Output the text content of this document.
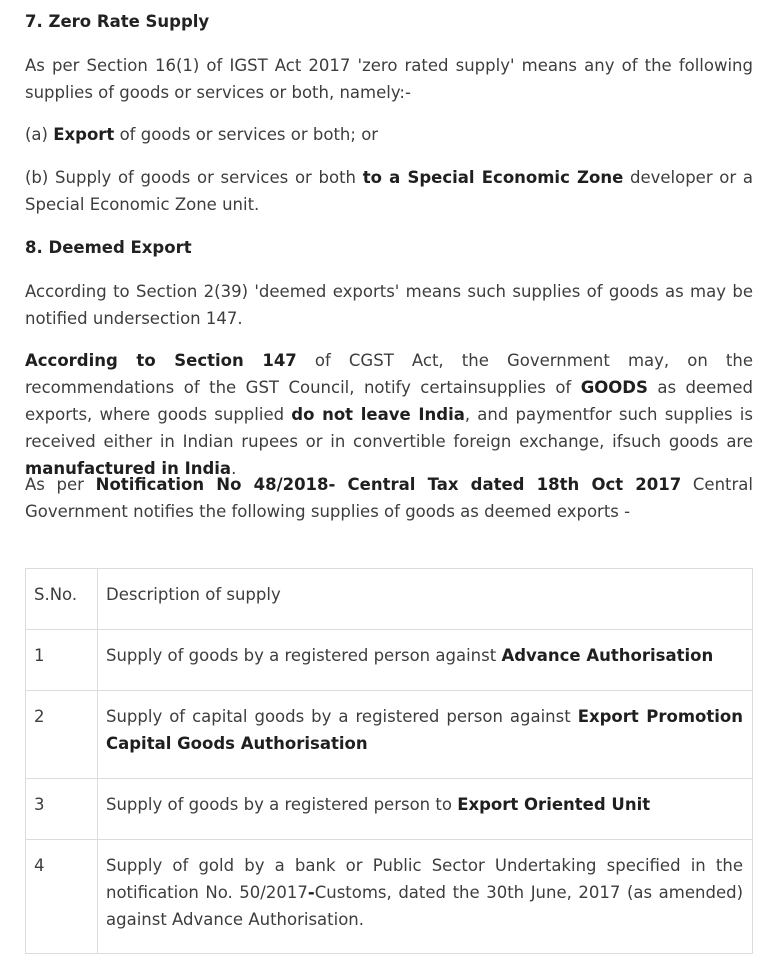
7. Zero Rate Supply

As per Section 16(1) of IGST Act 2017 'zero rated supply' means any of the following supplies of goods or services or both, namely:-

(a) Export of goods or services or both; or

(b) Supply of goods or services or both to a Special Economic Zone developer or a Special Economic Zone unit.

8. Deemed Export

According to Section 2(39) 'deemed exports' means such supplies of goods as may be notified undersection 147.

According to Section 147 of CGST Act, the Government may, on the recommendations of the GST Council, notify certainsupplies of GOODS as deemed exports, where goods supplied do not leave India, and paymentfor such supplies is received either in Indian rupees or in convertible foreign exchange, ifsuch goods are manufactured in India.

As per Notification No 48/2018- Central Tax dated 18th Oct 2017 Central Government notifies the following supplies of goods as deemed exports -

S.No.	Description of supply
1	Supply of goods by a registered person against Advance Authorisation
2	Supply of capital goods by a registered person against Export Promotion Capital Goods Authorisation
3	Supply of goods by a registered person to Export Oriented Unit
4	Supply of gold by a bank or Public Sector Undertaking specified in the notification No. 50/2017-Customs, dated the 30th June, 2017 (as amended) against Advance Authorisation.
